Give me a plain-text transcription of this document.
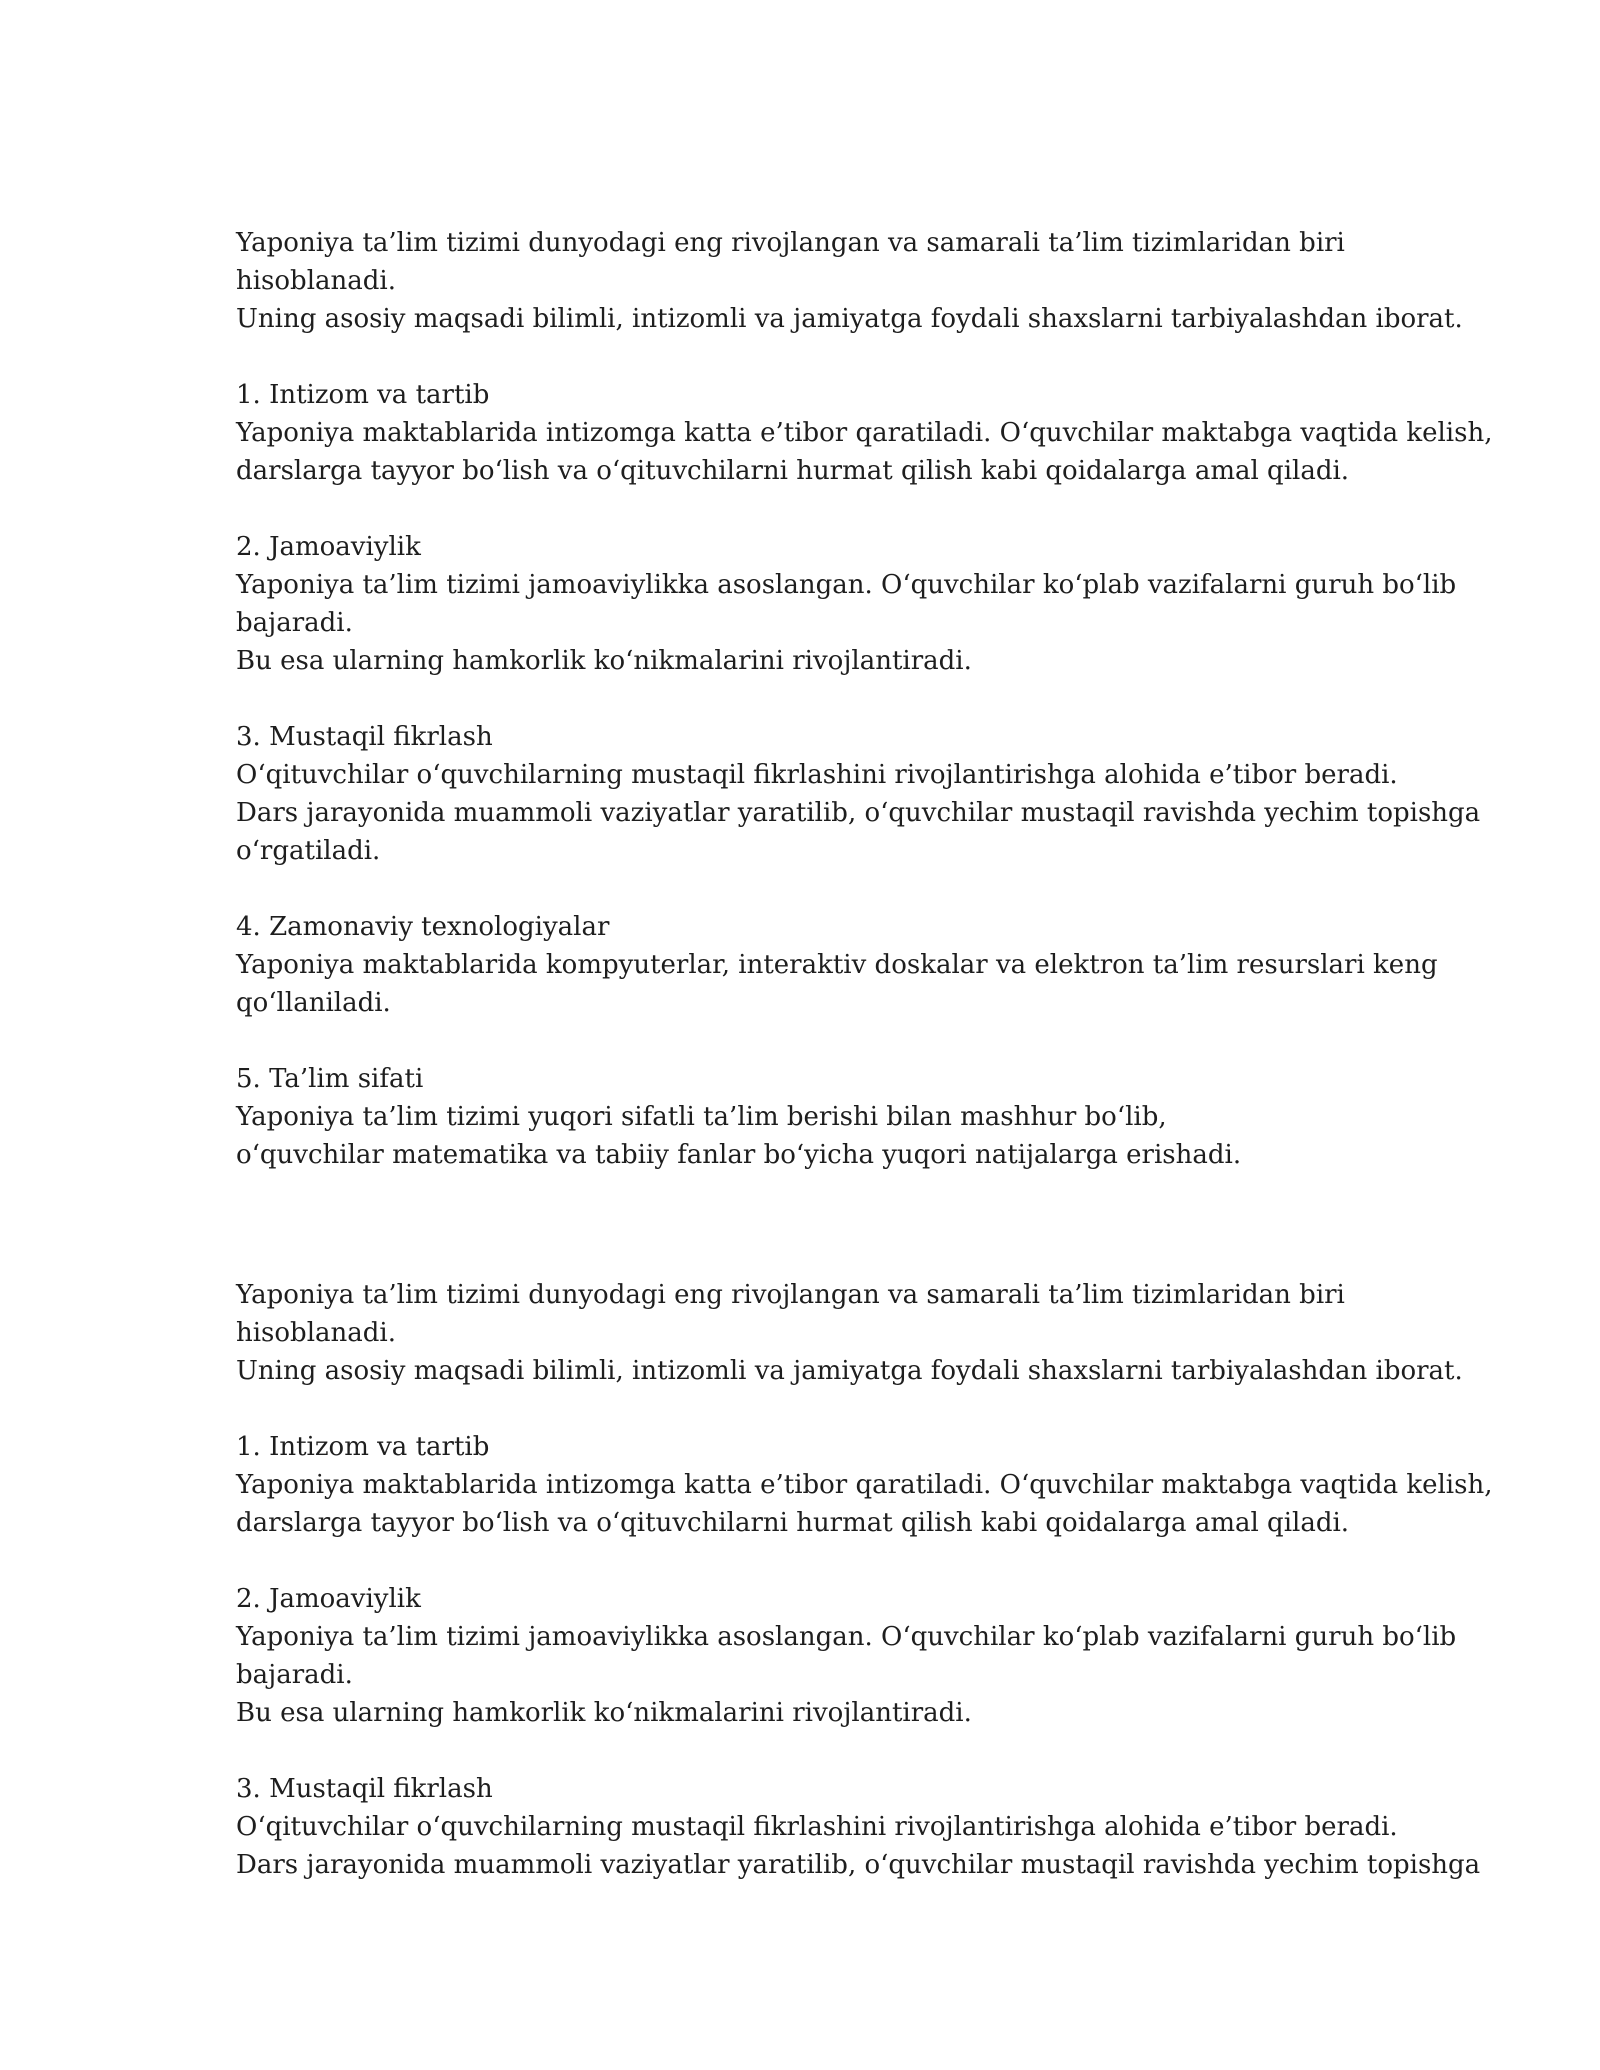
Yaponiya ta’lim tizimi dunyodagi eng rivojlangan va samarali ta’lim tizimlaridan biri
hisoblanadi.
Uning asosiy maqsadi bilimli, intizomli va jamiyatga foydali shaxslarni tarbiyalashdan iborat.
1. Intizom va tartib
Yaponiya maktablarida intizomga katta e’tibor qaratiladi. O‘quvchilar maktabga vaqtida kelish,
darslarga tayyor bo‘lish va o‘qituvchilarni hurmat qilish kabi qoidalarga amal qiladi.
2. Jamoaviylik
Yaponiya ta’lim tizimi jamoaviylikka asoslangan. O‘quvchilar ko‘plab vazifalarni guruh bo‘lib
bajaradi.
Bu esa ularning hamkorlik ko‘nikmalarini rivojlantiradi.
3. Mustaqil fikrlash
O‘qituvchilar o‘quvchilarning mustaqil fikrlashini rivojlantirishga alohida e’tibor beradi.
Dars jarayonida muammoli vaziyatlar yaratilib, o‘quvchilar mustaqil ravishda yechim topishga
o‘rgatiladi.
4. Zamonaviy texnologiyalar
Yaponiya maktablarida kompyuterlar, interaktiv doskalar va elektron ta’lim resurslari keng
qo‘llaniladi.
5. Ta’lim sifati
Yaponiya ta’lim tizimi yuqori sifatli ta’lim berishi bilan mashhur bo‘lib,
o‘quvchilar matematika va tabiiy fanlar bo‘yicha yuqori natijalarga erishadi.
Yaponiya ta’lim tizimi dunyodagi eng rivojlangan va samarali ta’lim tizimlaridan biri
hisoblanadi.
Uning asosiy maqsadi bilimli, intizomli va jamiyatga foydali shaxslarni tarbiyalashdan iborat.
1. Intizom va tartib
Yaponiya maktablarida intizomga katta e’tibor qaratiladi. O‘quvchilar maktabga vaqtida kelish,
darslarga tayyor bo‘lish va o‘qituvchilarni hurmat qilish kabi qoidalarga amal qiladi.
2. Jamoaviylik
Yaponiya ta’lim tizimi jamoaviylikka asoslangan. O‘quvchilar ko‘plab vazifalarni guruh bo‘lib
bajaradi.
Bu esa ularning hamkorlik ko‘nikmalarini rivojlantiradi.
3. Mustaqil fikrlash
O‘qituvchilar o‘quvchilarning mustaqil fikrlashini rivojlantirishga alohida e’tibor beradi.
Dars jarayonida muammoli vaziyatlar yaratilib, o‘quvchilar mustaqil ravishda yechim topishga
